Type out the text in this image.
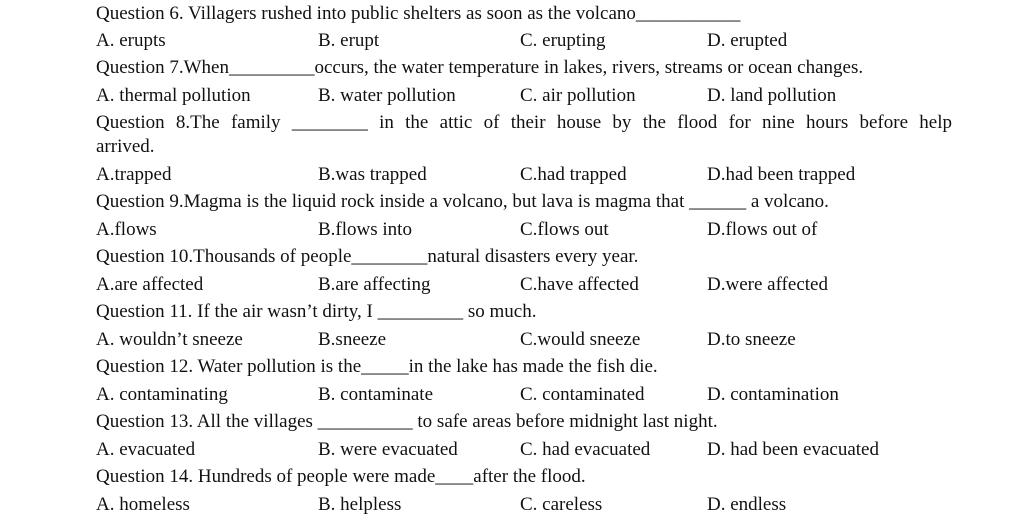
Question 6. Villagers rushed into public shelters as soon as the volcano___________
A. erupts	B. erupt	C. erupting	D. erupted
Question 7.When_________occurs, the water temperature in lakes, rivers, streams or ocean changes.
A. thermal pollution	B. water pollution	C. air pollution	D. land pollution
Question 8.The family ________ in the attic of their house by the flood for nine hours before help
arrived.
A.trapped	B.was trapped	C.had trapped	D.had been trapped
Question 9.Magma is the liquid rock inside a volcano, but lava is magma that ______ a volcano.
A.flows	B.flows into	C.flows out	D.flows out of
Question 10.Thousands of people________natural disasters every year.
A.are affected	B.are affecting	C.have affected	D.were affected
Question 11. If the air wasn’t dirty, I _________ so much.
A. wouldn’t sneeze	B.sneeze	C.would sneeze	D.to sneeze
Question 12. Water pollution is the_____in the lake has made the fish die.
A. contaminating	B. contaminate	C. contaminated	D. contamination
Question 13. All the villages __________ to safe areas before midnight last night.
A. evacuated	B. were evacuated	C. had evacuated	D. had been evacuated
Question 14. Hundreds of people were made____after the flood.
A. homeless	B. helpless	C. careless	D. endless
